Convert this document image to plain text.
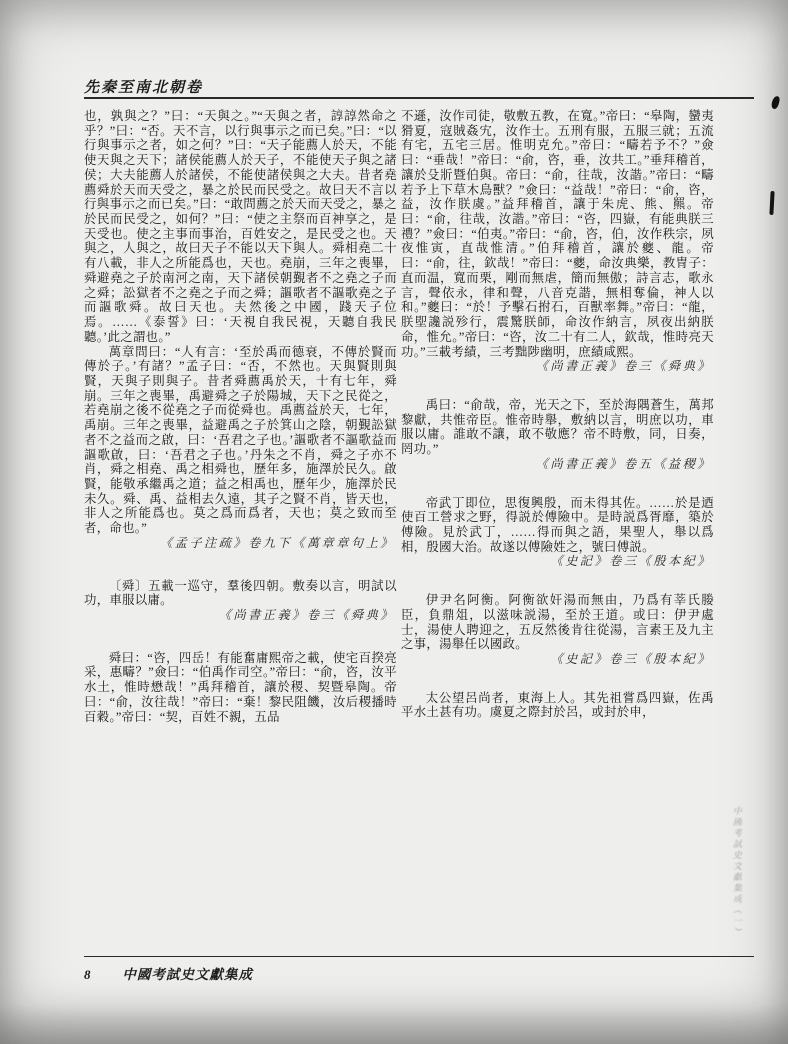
先秦至南北朝卷

也，孰與之？”曰：“天與之。”“天與之者，諄諄然命之乎？”曰：“否。天不言，以行與事示之而已矣。”曰：“以行與事示之者，如之何？”曰：“天子能薦人於天，不能使天與之天下；諸侯能薦人於天子，不能使天子與之諸侯；大夫能薦人於諸侯，不能使諸侯與之大夫。昔者堯薦舜於天而天受之，暴之於民而民受之。故曰天不言以行與事示之而已矣。”曰：“敢問薦之於天而天受之，暴之於民而民受之，如何？”曰：“使之主祭而百神享之，是天受也。使之主事而事治，百姓安之，是民受之也。天與之，人與之，故曰天子不能以天下與人。舜相堯二十有八載，非人之所能爲也，天也。堯崩，三年之喪畢，舜避堯之子於南河之南，天下諸侯朝覲者不之堯之子而之舜；訟獄者不之堯之子而之舜；謳歌者不謳歌堯之子而謳歌舜。故曰天也。夫然後之中國，踐天子位焉。……《泰誓》曰：‘天視自我民視，天聽自我民聽。’此之謂也。”

萬章問曰：“人有言：‘至於禹而德衰，不傳於賢而傳於子。’有諸？”孟子曰：“否，不然也。天與賢則與賢，天與子則與子。昔者舜薦禹於天，十有七年，舜崩。三年之喪畢，禹避舜之子於陽城，天下之民從之，若堯崩之後不從堯之子而從舜也。禹薦益於天，七年，禹崩。三年之喪畢，益避禹之子於箕山之陰，朝覲訟獄者不之益而之啟，曰：‘吾君之子也。’謳歌者不謳歌益而謳歌啟，曰：‘吾君之子也。’丹朱之不肖，舜之子亦不肖，舜之相堯、禹之相舜也，歷年多，施澤於民久。啟賢，能敬承繼禹之道；益之相禹也，歷年少，施澤於民未久。舜、禹、益相去久遠，其子之賢不肖，皆天也，非人之所能爲也。莫之爲而爲者，天也；莫之致而至者，命也。”

《孟子注疏》卷九下《萬章章句上》

〔舜〕五載一巡守，羣後四朝。敷奏以言，明試以功，車服以庸。

《尚書正義》卷三《舜典》

舜曰：“咨，四岳！有能奮庸熙帝之載，使宅百揆亮采，惠疇？”僉曰：“伯禹作司空。”帝曰：“俞，咨，汝平水土，惟時懋哉！”禹拜稽首，讓於稷、契暨皋陶。帝曰：“俞，汝往哉！”帝曰：“棄！黎民阻饑，汝后稷播時百穀。”帝曰：“契，百姓不親，五品

不遜，汝作司徒，敬敷五教，在寬。”帝曰：“皋陶，蠻夷猾夏，寇賊姦宄，汝作士。五刑有服，五服三就；五流有宅，五宅三居。惟明克允。”帝曰：“疇若予不？”僉曰：“垂哉！”帝曰：“俞，咨，垂，汝共工。”垂拜稽首，讓於殳斨暨伯與。帝曰：“俞，往哉，汝諧。”帝曰：“疇若予上下草木鳥獸？”僉曰：“益哉！”帝曰：“俞，咨，益，汝作朕虞。”益拜稽首，讓于朱虎、熊、羆。帝曰：“俞，往哉，汝諧。”帝曰：“咨，四嶽，有能典朕三禮？”僉曰：“伯夷。”帝曰：“俞，咨，伯，汝作秩宗，夙夜惟寅，直哉惟清。”伯拜稽首，讓於夔、龍。帝曰：“俞，往，欽哉！”帝曰：“夔，命汝典樂，教冑子：直而温，寬而栗，剛而無虐，簡而無傲；詩言志，歌永言，聲依永，律和聲，八音克諧，無相奪倫，神人以和。”夔曰：“於！予擊石拊石，百獸率舞。”帝曰：“龍，朕堲讒説殄行，震驚朕師，命汝作納言，夙夜出納朕命，惟允。”帝曰：“咨，汝二十有二人，欽哉，惟時亮天功。”三載考績，三考黜陟幽明，庶績咸熙。

《尚書正義》卷三《舜典》

禹曰：“俞哉，帝，光天之下，至於海隅蒼生，萬邦黎獻，共惟帝臣。惟帝時舉，敷納以言，明庶以功，車服以庸。誰敢不讓，敢不敬應？帝不時敷，同，日奏，罔功。”

《尚書正義》卷五《益稷》

帝武丁即位，思復興殷，而未得其佐。……於是迺使百工營求之野，得説於傅險中。是時説爲胥靡，築於傅險。見於武丁，……得而與之語，果聖人，舉以爲相，殷國大治。故遂以傅險姓之，號曰傅説。

《史記》卷三《殷本紀》

伊尹名阿衡。阿衡欲奸湯而無由，乃爲有莘氏媵臣，負鼎俎，以滋味説湯，至於王道。或曰：伊尹處士，湯使人聘迎之，五反然後肯往從湯，言素王及九主之事，湯舉任以國政。

《史記》卷三《殷本紀》

太公望呂尚者，東海上人。其先祖嘗爲四嶽，佐禹平水土甚有功。虞夏之際封於呂，或封於申，

8 中國考試史文獻集成
中國考試史文獻集成（一）
